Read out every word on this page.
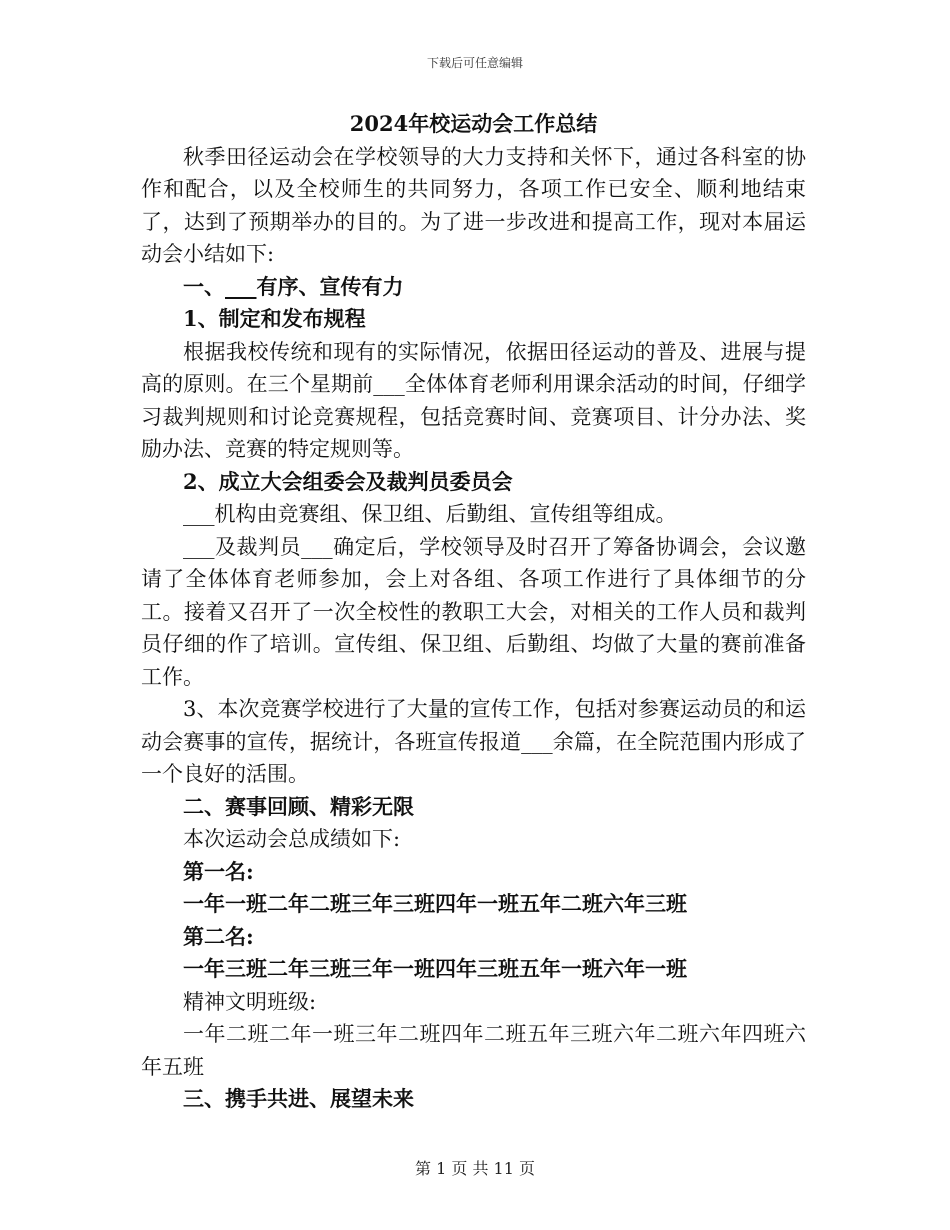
下载后可任意编辑
2024年校运动会工作总结
秋季田径运动会在学校领导的大力支持和关怀下，通过各科室的协作和配合，以及全校师生的共同努力，各项工作已安全、顺利地结束了，达到了预期举办的目的。为了进一步改进和提高工作，现对本届运动会小结如下:
一、___有序、宣传有力
1、制定和发布规程
根据我校传统和现有的实际情况，依据田径运动的普及、进展与提高的原则。在三个星期前___全体体育老师利用课余活动的时间，仔细学习裁判规则和讨论竞赛规程，包括竞赛时间、竞赛项目、计分办法、奖励办法、竞赛的特定规则等。
2、成立大会组委会及裁判员委员会
___机构由竞赛组、保卫组、后勤组、宣传组等组成。
___及裁判员___确定后，学校领导及时召开了筹备协调会，会议邀请了全体体育老师参加，会上对各组、各项工作进行了具体细节的分工。接着又召开了一次全校性的教职工大会，对相关的工作人员和裁判员仔细的作了培训。宣传组、保卫组、后勤组、均做了大量的赛前准备工作。
3、本次竞赛学校进行了大量的宣传工作，包括对参赛运动员的和运动会赛事的宣传，据统计，各班宣传报道___余篇，在全院范围内形成了一个良好的活围。
二、赛事回顾、精彩无限
本次运动会总成绩如下:
第一名:
一年一班二年二班三年三班四年一班五年二班六年三班
第二名:
一年三班二年三班三年一班四年三班五年一班六年一班
精神文明班级:
一年二班二年一班三年二班四年二班五年三班六年二班六年四班六年五班
三、携手共进、展望未来
第 1 页 共 11 页
